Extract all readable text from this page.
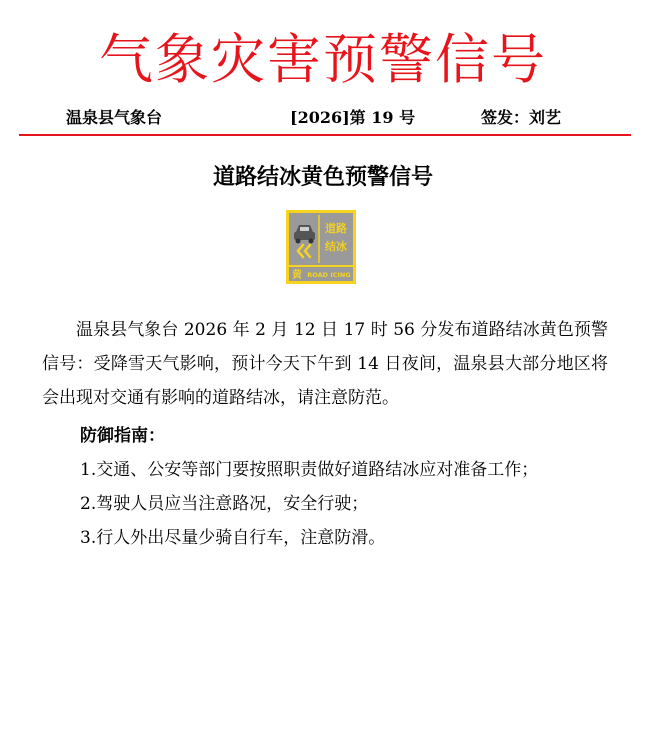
气象灾害预警信号
温泉县气象台	[2026]第 19 号	签发：刘艺
道路结冰黄色预警信号
道路
结冰
黄 ROAD ICING

温泉县气象台 2026 年 2 月 12 日 17 时 56 分发布道路结冰黄色预警信号：受降雪天气影响，预计今天下午到 14 日夜间，温泉县大部分地区将会出现对交通有影响的道路结冰，请注意防范。

防御指南：
1.交通、公安等部门要按照职责做好道路结冰应对准备工作；
2.驾驶人员应当注意路况，安全行驶；
3.行人外出尽量少骑自行车，注意防滑。
